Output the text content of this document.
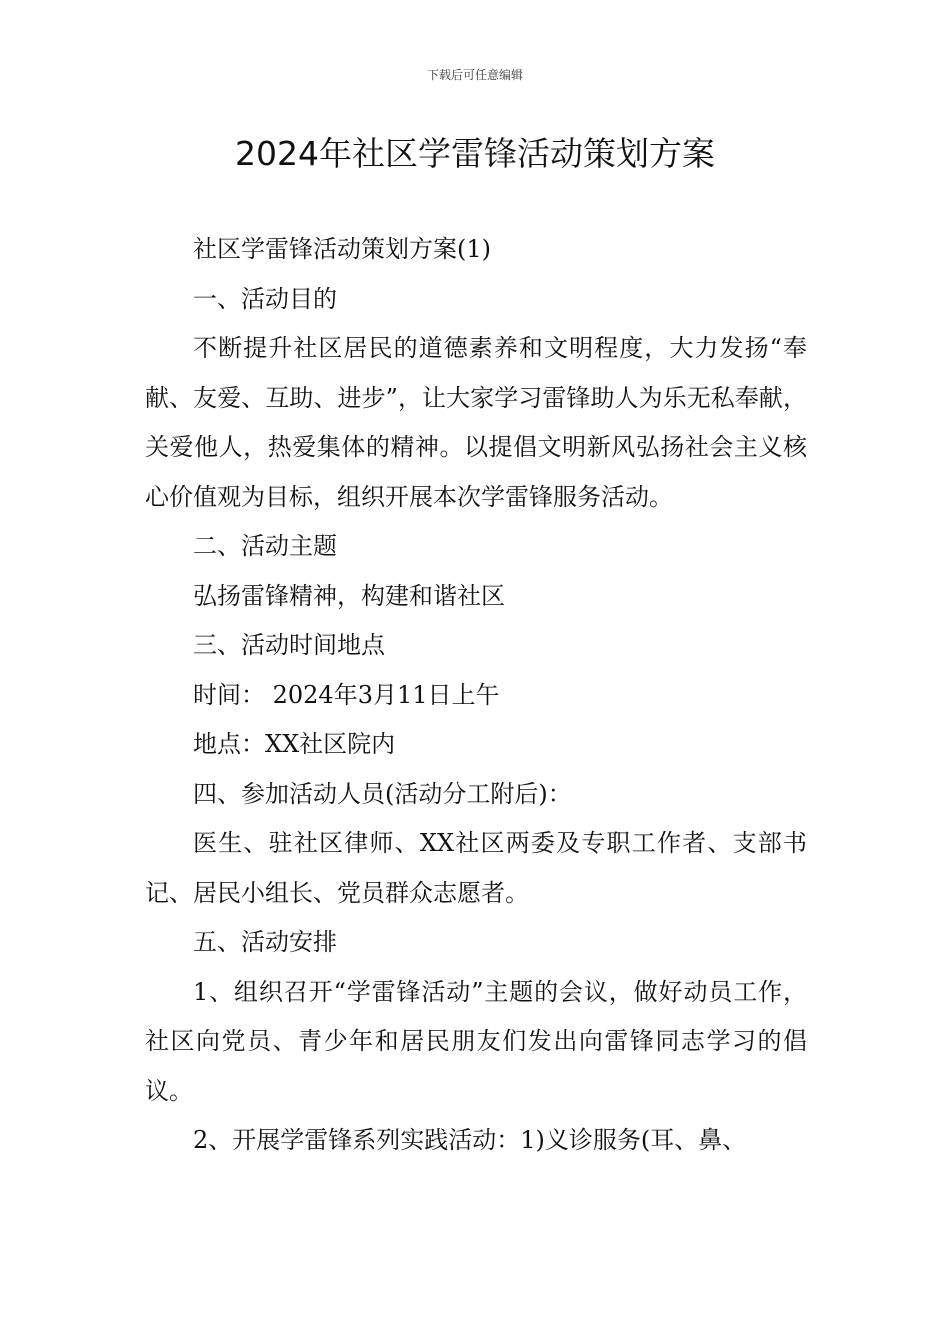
下载后可任意编辑
2024年社区学雷锋活动策划方案

社区学雷锋活动策划方案(1)

一、活动目的

不断提升社区居民的道德素养和文明程度，大力发扬“奉献、友爱、互助、进步”，让大家学习雷锋助人为乐无私奉献，关爱他人，热爱集体的精神。以提倡文明新风弘扬社会主义核心价值观为目标，组织开展本次学雷锋服务活动。

二、活动主题

弘扬雷锋精神，构建和谐社区

三、活动时间地点

时间： 2024年3月11日上午

地点：XX社区院内

四、参加活动人员(活动分工附后)：

医生、驻社区律师、XX社区两委及专职工作者、支部书记、居民小组长、党员群众志愿者。

五、活动安排

1、组织召开“学雷锋活动”主题的会议，做好动员工作，社区向党员、青少年和居民朋友们发出向雷锋同志学习的倡议。

2、开展学雷锋系列实践活动：1)义诊服务(耳、鼻、
